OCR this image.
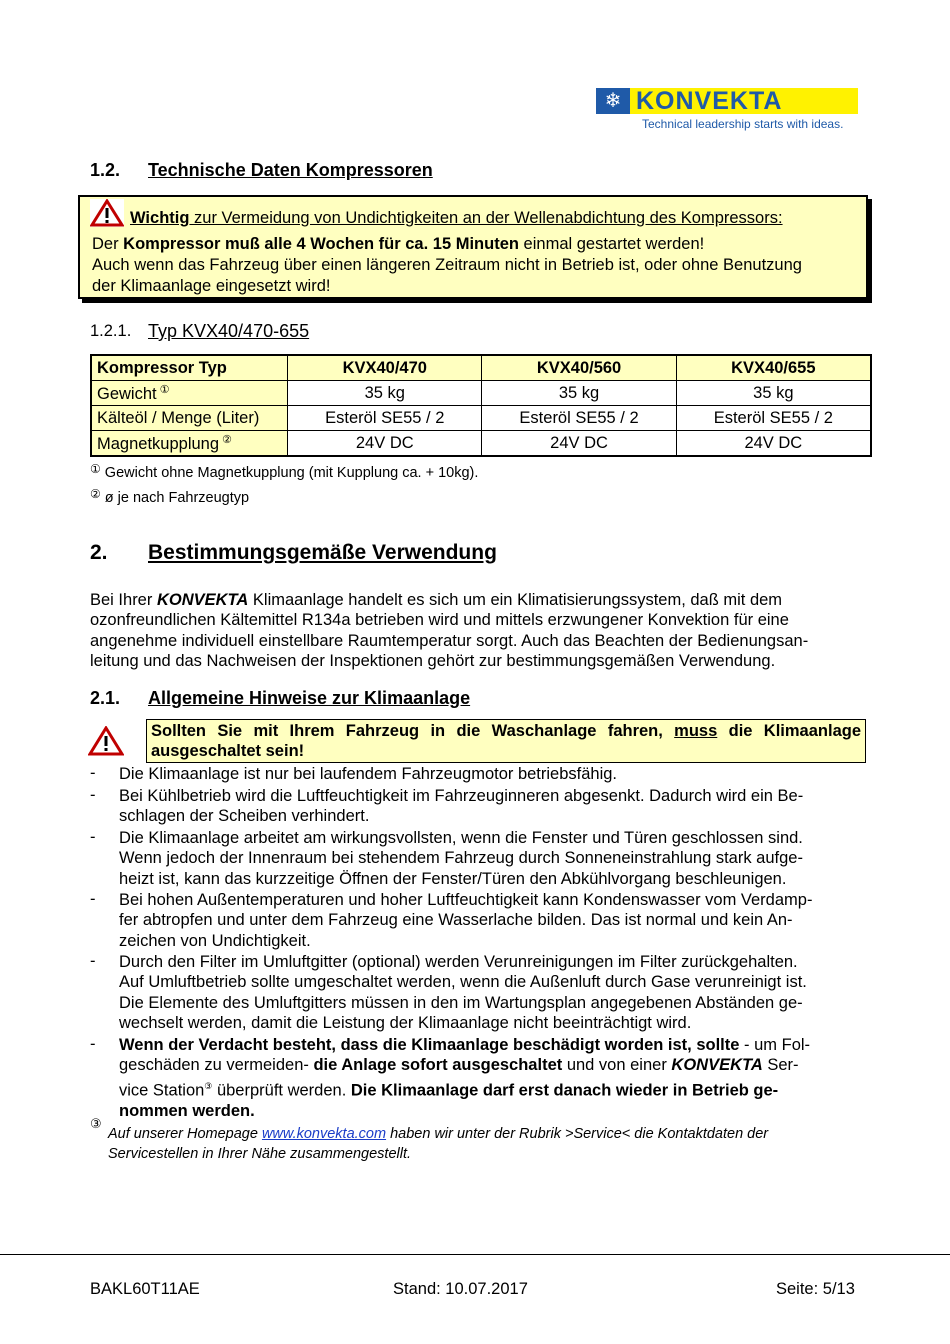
❄ KONVEKTA
Technical leadership starts with ideas.
1.2. Technische Daten Kompressoren
Wichtig zur Vermeidung von Undichtigkeiten an der Wellenabdichtung des Kompressors:
Der Kompressor muß alle 4 Wochen für ca. 15 Minuten einmal gestartet werden!
Auch wenn das Fahrzeug über einen längeren Zeitraum nicht in Betrieb ist, oder ohne Benutzung
der Klimaanlage eingesetzt wird!
1.2.1. Typ KVX40/470-655
Kompressor Typ	KVX40/470	KVX40/560	KVX40/655
Gewicht ①	35 kg	35 kg	35 kg
Kälteöl / Menge (Liter)	Esteröl SE55 / 2	Esteröl SE55 / 2	Esteröl SE55 / 2
Magnetkupplung ②	24V DC	24V DC	24V DC
① Gewicht ohne Magnetkupplung (mit Kupplung ca. + 10kg).
② ø je nach Fahrzeugtyp
2. Bestimmungsgemäße Verwendung
Bei Ihrer KONVEKTA Klimaanlage handelt es sich um ein Klimatisierungssystem, daß mit dem
ozonfreundlichen Kältemittel R134a betrieben wird und mittels erzwungener Konvektion für eine
angenehme individuell einstellbare Raumtemperatur sorgt. Auch das Beachten der Bedienungsan-
leitung und das Nachweisen der Inspektionen gehört zur bestimmungsgemäßen Verwendung.
2.1. Allgemeine Hinweise zur Klimaanlage
Sollten Sie mit Ihrem Fahrzeug in die Waschanlage fahren, muss die Klimaanlage ausgeschaltet sein!
- Die Klimaanlage ist nur bei laufendem Fahrzeugmotor betriebsfähig.
- Bei Kühlbetrieb wird die Luftfeuchtigkeit im Fahrzeuginneren abgesenkt. Dadurch wird ein Be-
schlagen der Scheiben verhindert.
- Die Klimaanlage arbeitet am wirkungsvollsten, wenn die Fenster und Türen geschlossen sind.
Wenn jedoch der Innenraum bei stehendem Fahrzeug durch Sonneneinstrahlung stark aufge-
heizt ist, kann das kurzzeitige Öffnen der Fenster/Türen den Abkühlvorgang beschleunigen.
- Bei hohen Außentemperaturen und hoher Luftfeuchtigkeit kann Kondenswasser vom Verdamp-
fer abtropfen und unter dem Fahrzeug eine Wasserlache bilden. Das ist normal und kein An-
zeichen von Undichtigkeit.
- Durch den Filter im Umluftgitter (optional) werden Verunreinigungen im Filter zurückgehalten.
Auf Umluftbetrieb sollte umgeschaltet werden, wenn die Außenluft durch Gase verunreinigt ist.
Die Elemente des Umluftgitters müssen in den im Wartungsplan angegebenen Abständen ge-
wechselt werden, damit die Leistung der Klimaanlage nicht beeinträchtigt wird.
- Wenn der Verdacht besteht, dass die Klimaanlage beschädigt worden ist, sollte - um Fol-
geschäden zu vermeiden- die Anlage sofort ausgeschaltet und von einer KONVEKTA Ser-
vice Station③ überprüft werden. Die Klimaanlage darf erst danach wieder in Betrieb ge-
nommen werden.
③
Auf unserer Homepage www.konvekta.com haben wir unter der Rubrik >Service< die Kontaktdaten der
Servicestellen in Ihrer Nähe zusammengestellt.
BAKL60T11AE	Stand: 10.07.2017	Seite: 5/13
